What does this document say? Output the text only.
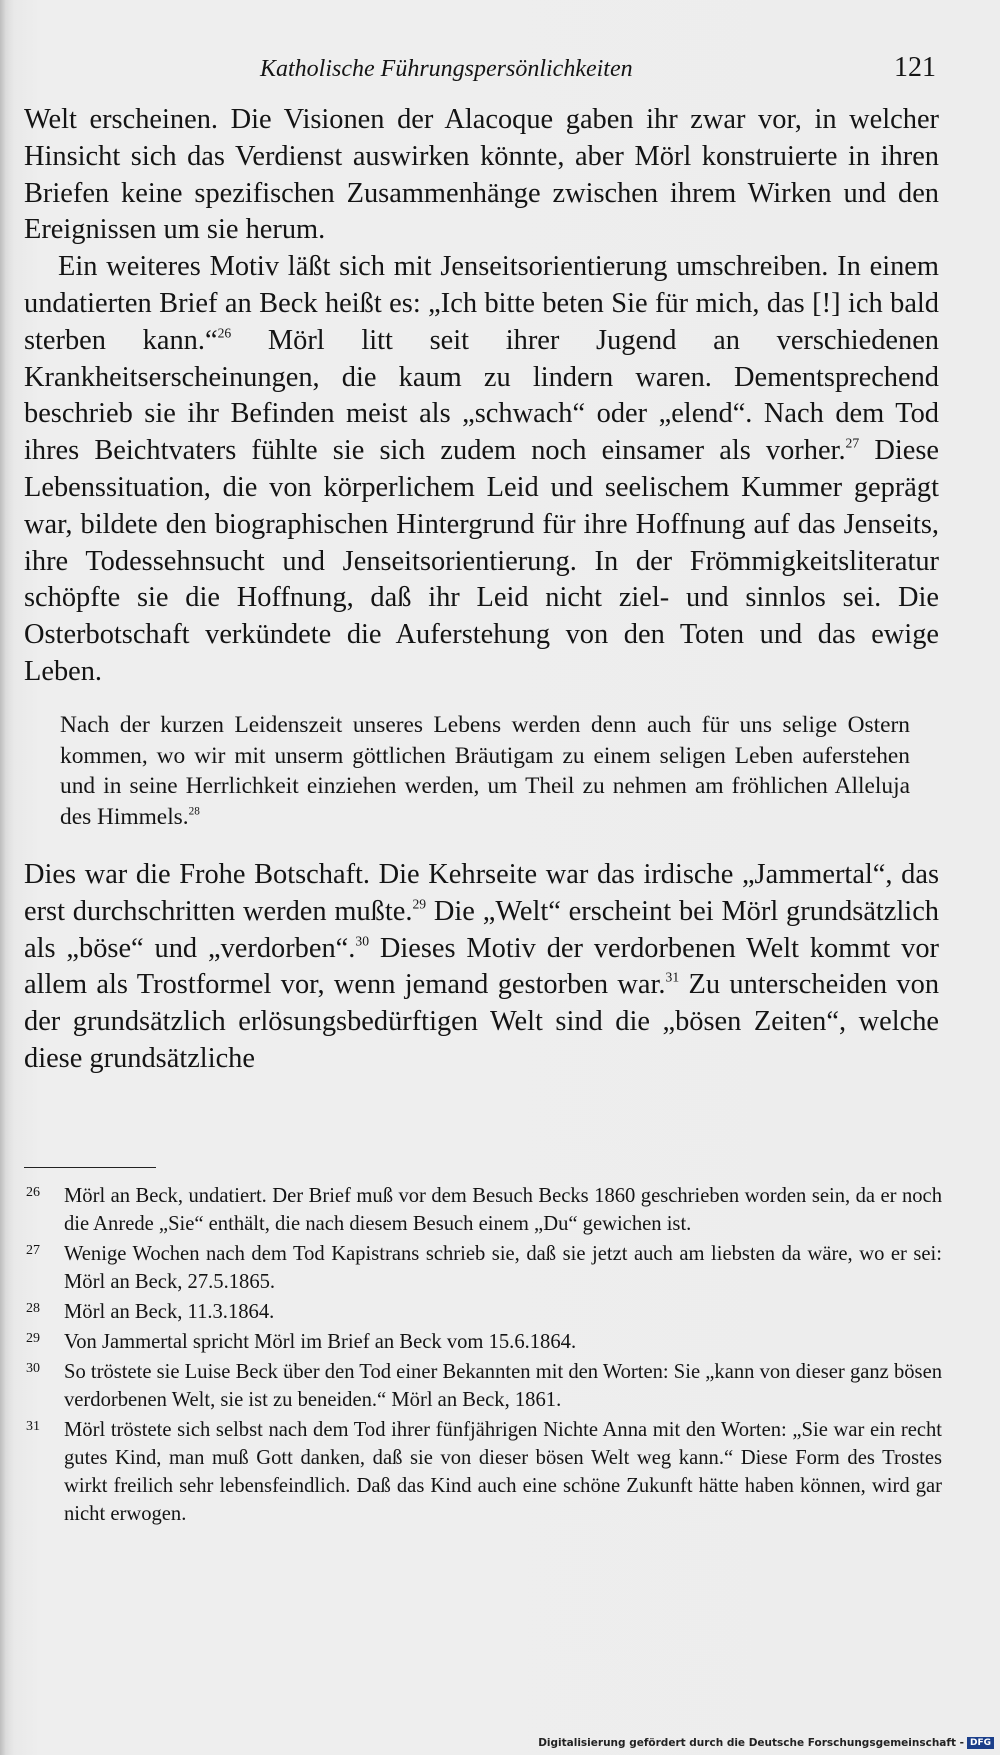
Katholische Führungspersönlichkeiten	121

Welt erscheinen. Die Visionen der Alacoque gaben ihr zwar vor, in welcher Hinsicht sich das Verdienst auswirken könnte, aber Mörl konstruierte in ihren Briefen keine spezifischen Zusammenhänge zwischen ihrem Wirken und den Ereignissen um sie herum.

Ein weiteres Motiv läßt sich mit Jenseitsorientierung umschreiben. In einem undatierten Brief an Beck heißt es: „Ich bitte beten Sie für mich, das [!] ich bald sterben kann.“$^{26}$ Mörl litt seit ihrer Jugend an verschiedenen Krankheitserscheinungen, die kaum zu lindern waren. Dementsprechend beschrieb sie ihr Befinden meist als „schwach“ oder „elend“. Nach dem Tod ihres Beichtvaters fühlte sie sich zudem noch einsamer als vorher.$^{27}$ Diese Lebenssituation, die von körperlichem Leid und seelischem Kummer geprägt war, bildete den biographischen Hintergrund für ihre Hoffnung auf das Jenseits, ihre Todessehnsucht und Jenseitsorientierung. In der Frömmigkeitsliteratur schöpfte sie die Hoffnung, daß ihr Leid nicht ziel- und sinnlos sei. Die Osterbotschaft verkündete die Auferstehung von den Toten und das ewige Leben.

Nach der kurzen Leidenszeit unseres Lebens werden denn auch für uns selige Ostern kommen, wo wir mit unserm göttlichen Bräutigam zu einem seligen Leben auferstehen und in seine Herrlichkeit einziehen werden, um Theil zu nehmen am fröhlichen Alleluja des Himmels.$^{28}$

Dies war die Frohe Botschaft. Die Kehrseite war das irdische „Jammertal“, das erst durchschritten werden mußte.$^{29}$ Die „Welt“ erscheint bei Mörl grundsätzlich als „böse“ und „verdorben“.$^{30}$ Dieses Motiv der verdorbenen Welt kommt vor allem als Trostformel vor, wenn jemand gestorben war.$^{31}$ Zu unterscheiden von der grundsätzlich erlösungsbedürftigen Welt sind die „bösen Zeiten“, welche diese grundsätzliche

26 Mörl an Beck, undatiert. Der Brief muß vor dem Besuch Becks 1860 geschrieben worden sein, da er noch die Anrede „Sie“ enthält, die nach diesem Besuch einem „Du“ gewichen ist.

27 Wenige Wochen nach dem Tod Kapistrans schrieb sie, daß sie jetzt auch am liebsten da wäre, wo er sei: Mörl an Beck, 27.5.1865.

28 Mörl an Beck, 11.3.1864.

29 Von Jammertal spricht Mörl im Brief an Beck vom 15.6.1864.

30 So tröstete sie Luise Beck über den Tod einer Bekannten mit den Worten: Sie „kann von dieser ganz bösen verdorbenen Welt, sie ist zu beneiden.“ Mörl an Beck, 1861.

31 Mörl tröstete sich selbst nach dem Tod ihrer fünfjährigen Nichte Anna mit den Worten: „Sie war ein recht gutes Kind, man muß Gott danken, daß sie von dieser bösen Welt weg kann.“ Diese Form des Trostes wirkt freilich sehr lebensfeindlich. Daß das Kind auch eine schöne Zukunft hätte haben können, wird gar nicht erwogen.

Digitalisierung gefördert durch die Deutsche Forschungsgemeinschaft - DFG
